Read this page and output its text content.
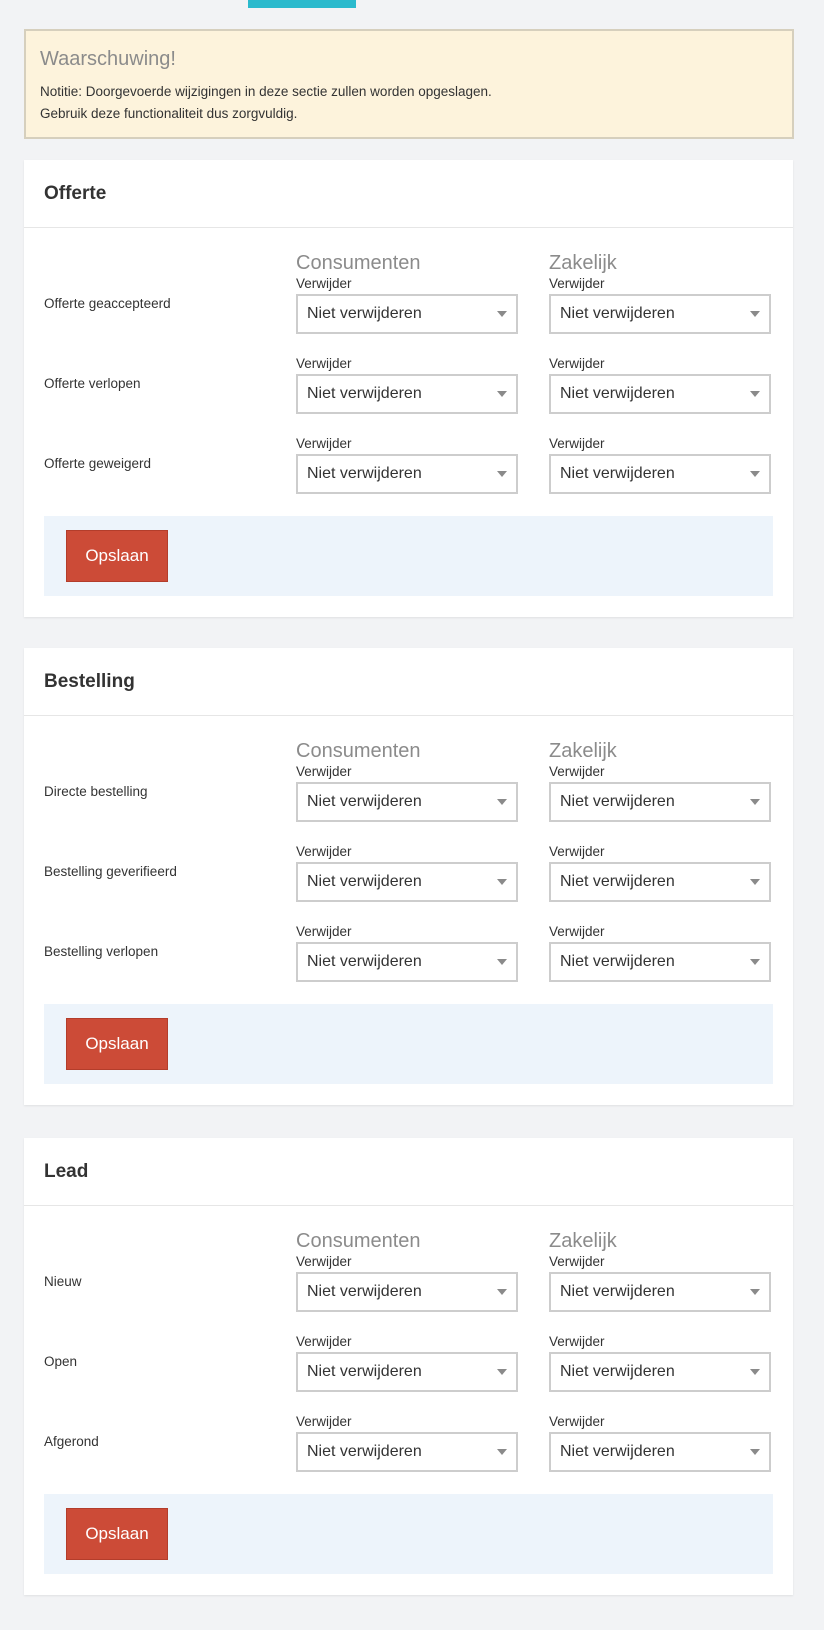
Waarschuwing!
Notitie: Doorgevoerde wijzigingen in deze sectie zullen worden opgeslagen.
Gebruik deze functionaliteit dus zorgvuldig.
Offerte
Consumenten	Zakelijk
Offerte geaccepteerd
Verwijder
Niet verwijderen
Verwijder
Niet verwijderen
Offerte verlopen
Verwijder
Niet verwijderen
Verwijder
Niet verwijderen
Offerte geweigerd
Verwijder
Niet verwijderen
Verwijder
Niet verwijderen
Opslaan
Bestelling
Consumenten	Zakelijk
Directe bestelling
Verwijder
Niet verwijderen
Verwijder
Niet verwijderen
Bestelling geverifieerd
Verwijder
Niet verwijderen
Verwijder
Niet verwijderen
Bestelling verlopen
Verwijder
Niet verwijderen
Verwijder
Niet verwijderen
Opslaan
Lead
Consumenten	Zakelijk
Nieuw
Verwijder
Niet verwijderen
Verwijder
Niet verwijderen
Open
Verwijder
Niet verwijderen
Verwijder
Niet verwijderen
Afgerond
Verwijder
Niet verwijderen
Verwijder
Niet verwijderen
Opslaan
